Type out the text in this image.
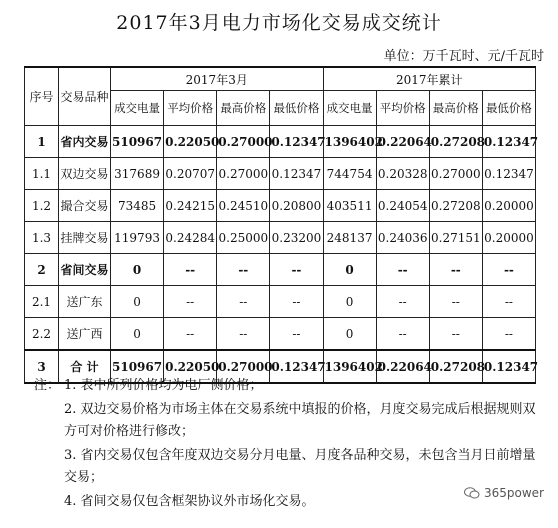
2017年3月电力市场化交易成交统计
单位：万千瓦时、元/千瓦时
序号	交易品种	2017年3月				2017年累计			
		成交电量	平均价格	最高价格	最低价格	成交电量	平均价格	最高价格	最低价格
1	省内交易	510967	0.22050	0.27000	0.12347	1396402	0.22064	0.27208	0.12347
1.1	双边交易	317689	0.20707	0.27000	0.12347	744754	0.20328	0.27000	0.12347
1.2	撮合交易	73485	0.24215	0.24510	0.20800	403511	0.24054	0.27208	0.20000
1.3	挂牌交易	119793	0.24284	0.25000	0.23200	248137	0.24036	0.27151	0.20000
2	省间交易	0	--	--	--	0	--	--	--
2.1	送广东	0	--	--	--	0	--	--	--
2.2	送广西	0	--	--	--	0	--	--	--
3	合 计	510967	0.22050	0.27000	0.12347	1396402	0.22064	0.27208	0.12347
注： 1. 表中所列价格均为电厂侧价格；
2. 双边交易价格为市场主体在交易系统中填报的价格，月度交易完成后根据规则双方可对价格进行修改；
3. 省内交易仅包含年度双边交易分月电量、月度各品种交易，未包含当月日前增量交易；
4. 省间交易仅包含框架协议外市场化交易。
365power
